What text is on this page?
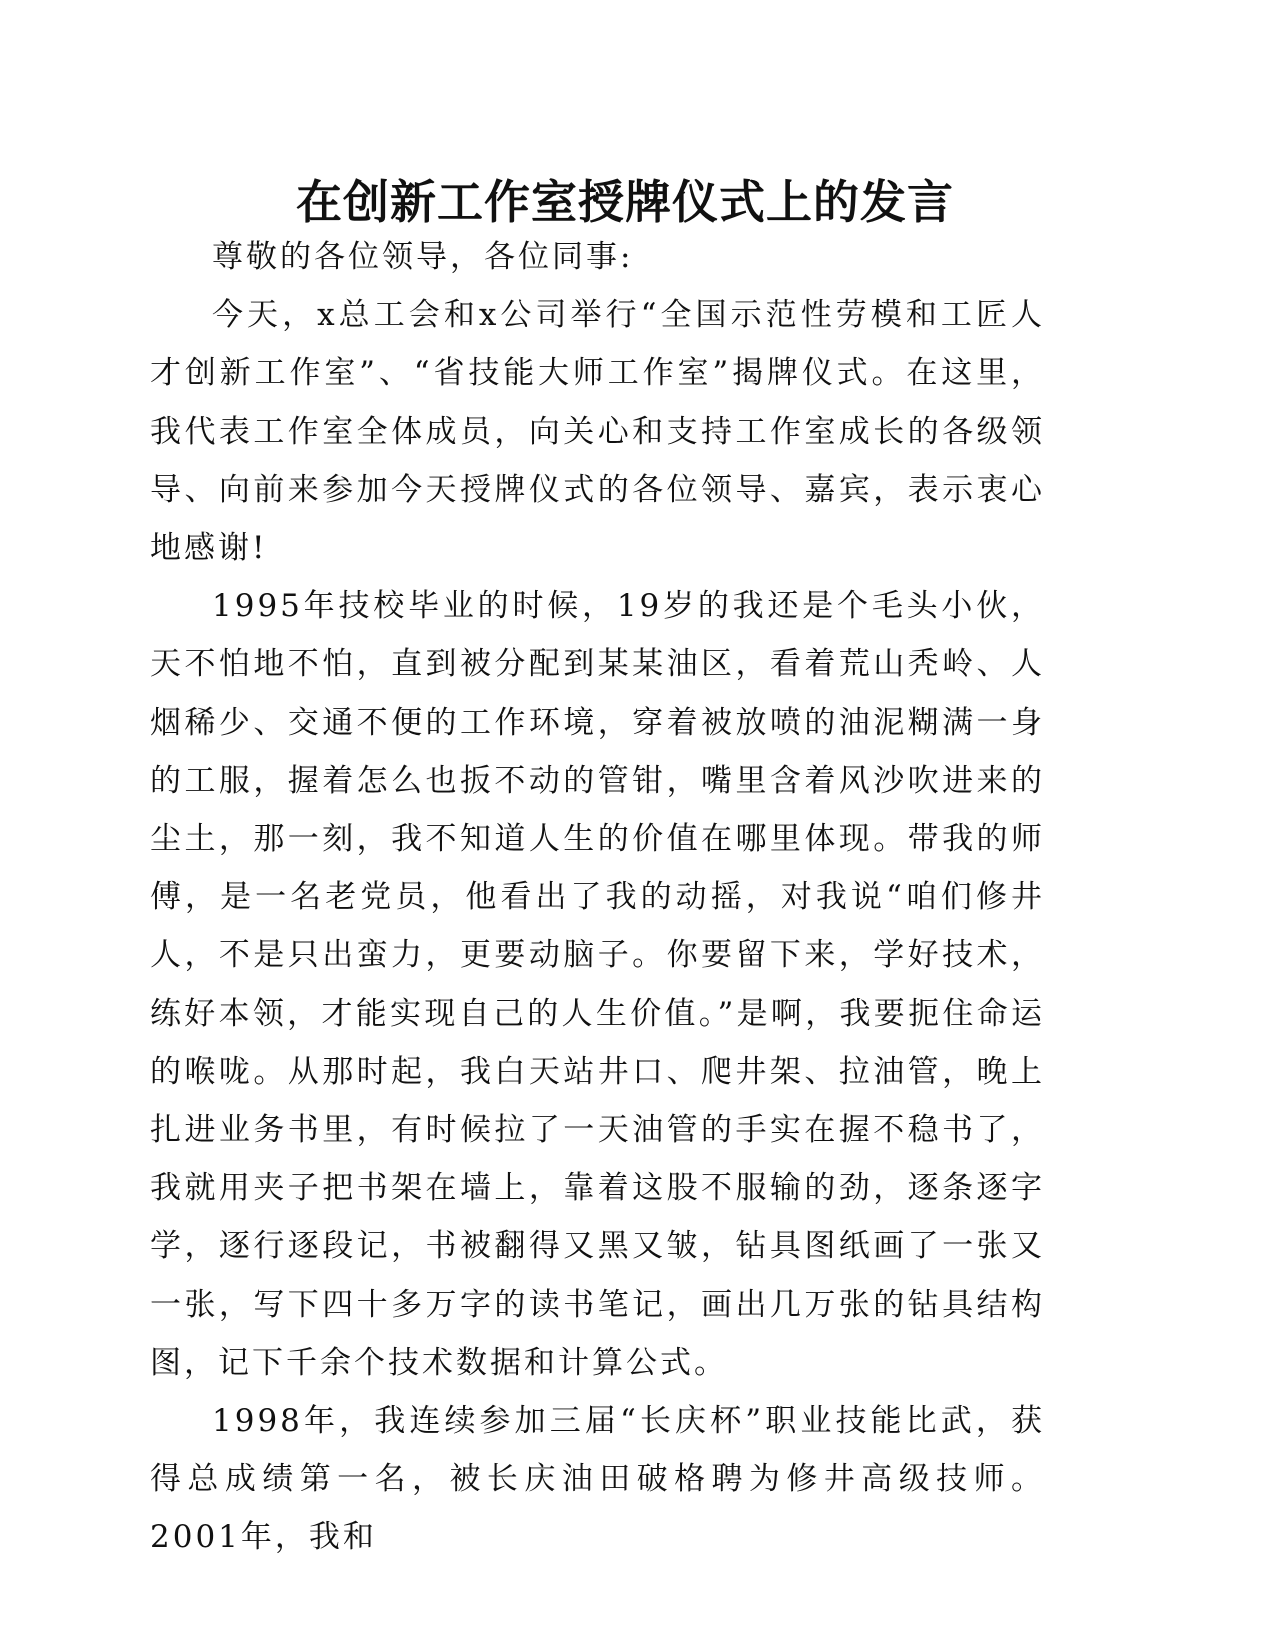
在创新工作室授牌仪式上的发言

尊敬的各位领导，各位同事:

今天，x总工会和x公司举行“全国示范性劳模和工匠人才创新工作室”、“省技能大师工作室”揭牌仪式。在这里，我代表工作室全体成员，向关心和支持工作室成长的各级领导、向前来参加今天授牌仪式的各位领导、嘉宾，表示衷心地感谢!

1995年技校毕业的时候，19岁的我还是个毛头小伙，天不怕地不怕，直到被分配到某某油区，看着荒山秃岭、人烟稀少、交通不便的工作环境，穿着被放喷的油泥糊满一身的工服，握着怎么也扳不动的管钳，嘴里含着风沙吹进来的尘土，那一刻，我不知道人生的价值在哪里体现。带我的师傅，是一名老党员，他看出了我的动摇，对我说“咱们修井人，不是只出蛮力，更要动脑子。你要留下来，学好技术，练好本领，才能实现自己的人生价值。”是啊，我要扼住命运的喉咙。从那时起，我白天站井口、爬井架、拉油管，晚上扎进业务书里，有时候拉了一天油管的手实在握不稳书了，我就用夹子把书架在墙上，靠着这股不服输的劲，逐条逐字学，逐行逐段记，书被翻得又黑又皱，钻具图纸画了一张又一张，写下四十多万字的读书笔记，画出几万张的钻具结构图，记下千余个技术数据和计算公式。

1998年，我连续参加三届“长庆杯”职业技能比武，获得总成绩第一名，被长庆油田破格聘为修井高级技师。2001年，我和
